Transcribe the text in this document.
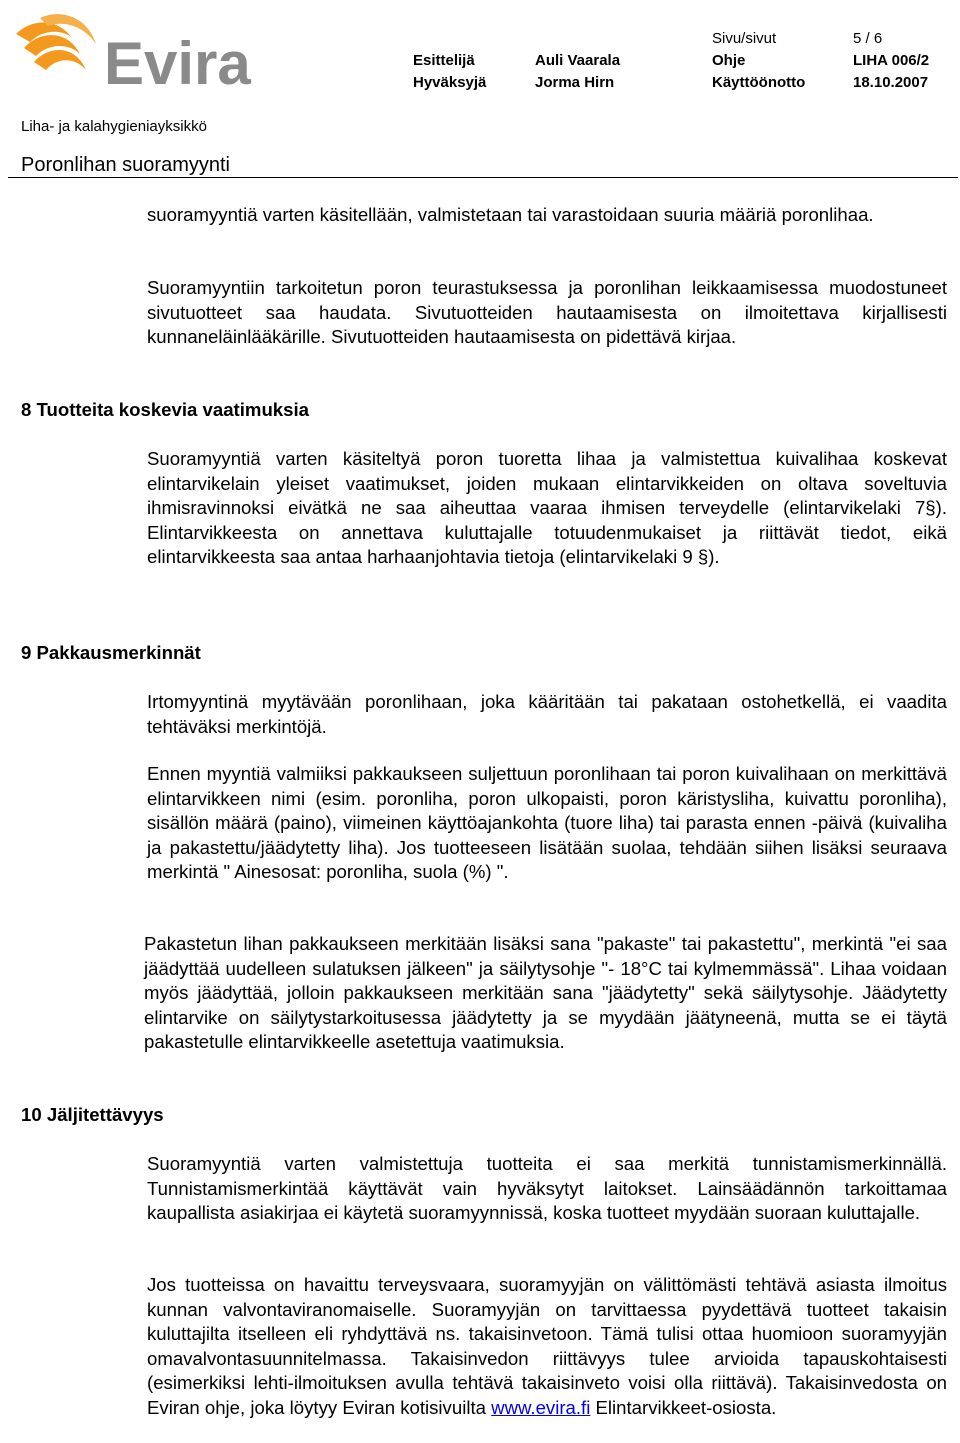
Evira	Sivu/sivut	5 / 6
Esittelijä	Auli Vaarala	Ohje	LIHA 006/2
Hyväksyjä	Jorma Hirn	Käyttöönotto	18.10.2007
Liha- ja kalahygieniayksikkö
Poronlihan suoramyynti

suoramyyntiä varten käsitellään, valmistetaan tai varastoidaan suuria määriä poronlihaa.

Suoramyyntiin tarkoitetun poron teurastuksessa ja poronlihan leikkaamisessa muodostuneet sivutuotteet saa haudata. Sivutuotteiden hautaamisesta on ilmoitettava kirjallisesti kunnaneläinlääkärille. Sivutuotteiden hautaamisesta on pidettävä kirjaa.

8 Tuotteita koskevia vaatimuksia

Suoramyyntiä varten käsiteltyä poron tuoretta lihaa ja valmistettua kuivalihaa koskevat elintarvikelain yleiset vaatimukset, joiden mukaan elintarvikkeiden on oltava soveltuvia ihmisravinnoksi eivätkä ne saa aiheuttaa vaaraa ihmisen terveydelle (elintarvikelaki 7§). Elintarvikkeesta on annettava kuluttajalle totuudenmukaiset ja riittävät tiedot, eikä elintarvikkeesta saa antaa harhaanjohtavia tietoja (elintarvikelaki 9 §).

9 Pakkausmerkinnät

Irtomyyntinä myytävään poronlihaan, joka kääritään tai pakataan ostohetkellä, ei vaadita tehtäväksi merkintöjä.

Ennen myyntiä valmiiksi pakkaukseen suljettuun poronlihaan tai poron kuivalihaan on merkittävä elintarvikkeen nimi (esim. poronliha, poron ulkopaisti, poron käristysliha, kuivattu poronliha), sisällön määrä (paino), viimeinen käyttöajankohta (tuore liha) tai parasta ennen -päivä (kuivaliha ja pakastettu/jäädytetty liha). Jos tuotteeseen lisätään suolaa, tehdään siihen lisäksi seuraava merkintä " Ainesosat: poronliha, suola (%) ".

Pakastetun lihan pakkaukseen merkitään lisäksi sana "pakaste" tai pakastettu", merkintä "ei saa jäädyttää uudelleen sulatuksen jälkeen" ja säilytysohje "- 18°C tai kylmemmässä". Lihaa voidaan myös jäädyttää, jolloin pakkaukseen merkitään sana "jäädytetty" sekä säilytysohje. Jäädytetty elintarvike on säilytystarkoitusessa jäädytetty ja se myydään jäätyneenä, mutta se ei täytä pakastetulle elintarvikkeelle asetettuja vaatimuksia.

10 Jäljitettävyys

Suoramyyntiä varten valmistettuja tuotteita ei saa merkitä tunnistamismerkinnällä. Tunnistamismerkintää käyttävät vain hyväksytyt laitokset. Lainsäädännön tarkoittamaa kaupallista asiakirjaa ei käytetä suoramyynnissä, koska tuotteet myydään suoraan kuluttajalle.

Jos tuotteissa on havaittu terveysvaara, suoramyyjän on välittömästi tehtävä asiasta ilmoitus kunnan valvontaviranomaiselle. Suoramyyjän on tarvittaessa pyydettävä tuotteet takaisin kuluttajilta itselleen eli ryhdyttävä ns. takaisinvetoon. Tämä tulisi ottaa huomioon suoramyyjän omavalvontasuunnitelmassa. Takaisinvedon riittävyys tulee arvioida tapauskohtaisesti (esimerkiksi lehti-ilmoituksen avulla tehtävä takaisinveto voisi olla riittävä). Takaisinvedosta on Eviran ohje, joka löytyy Eviran kotisivuilta www.evira.fi Elintarvikkeet-osiosta.
